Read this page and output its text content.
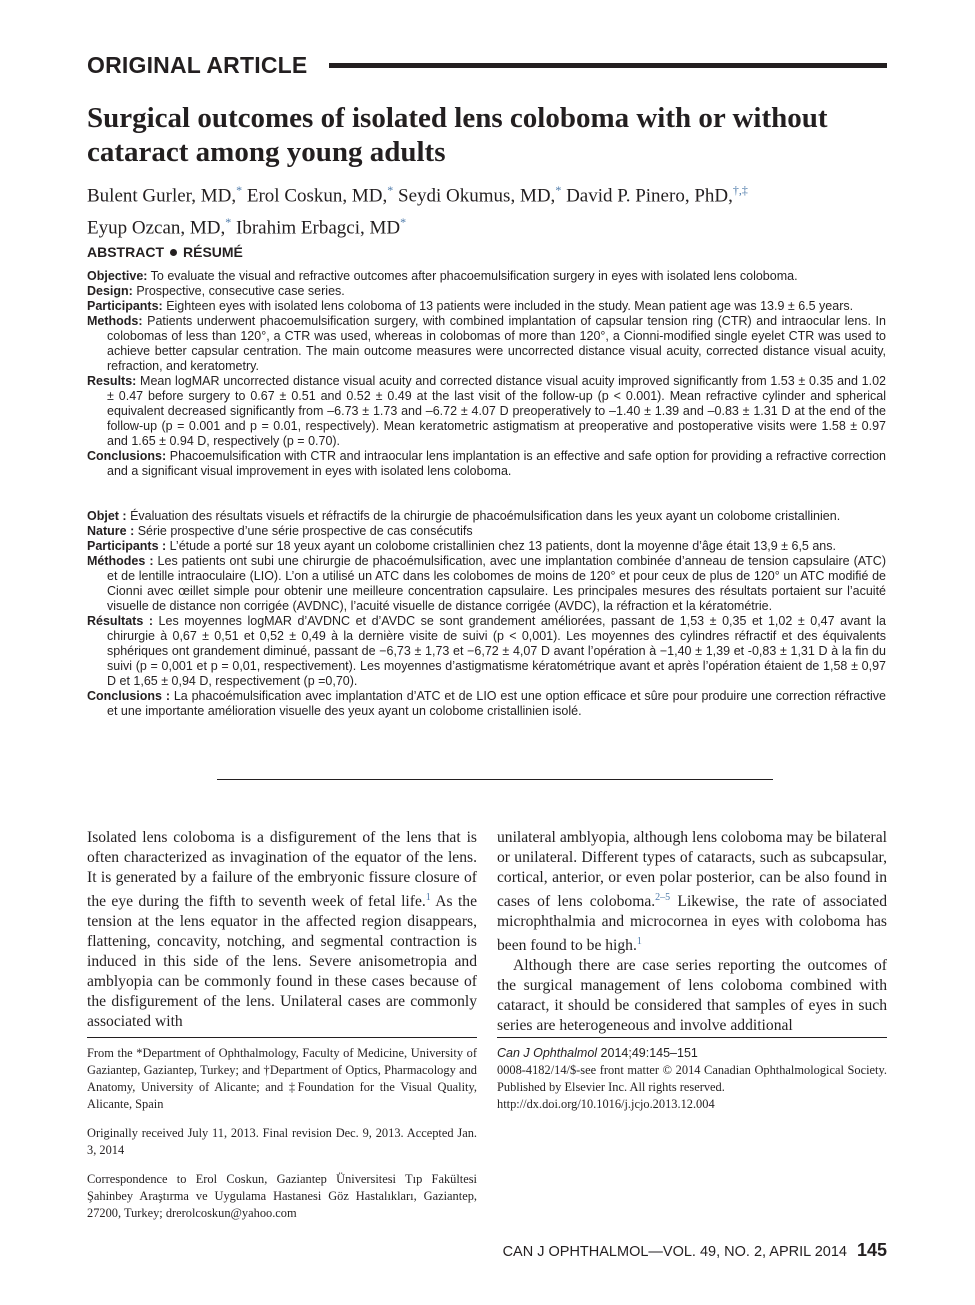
ORIGINAL ARTICLE
Surgical outcomes of isolated lens coloboma with or without cataract among young adults

Bulent Gurler, MD,* Erol Coskun, MD,* Seydi Okumus, MD,* David P. Pinero, PhD,†,‡
Eyup Ozcan, MD,* Ibrahim Erbagci, MD*

ABSTRACT RÉSUMÉ

Objective: To evaluate the visual and refractive outcomes after phacoemulsification surgery in eyes with isolated lens coloboma.

Design: Prospective, consecutive case series.

Participants: Eighteen eyes with isolated lens coloboma of 13 patients were included in the study. Mean patient age was 13.9 ± 6.5 years.

Methods: Patients underwent phacoemulsification surgery, with combined implantation of capsular tension ring (CTR) and intraocular lens. In colobomas of less than 120°, a CTR was used, whereas in colobomas of more than 120°, a Cionni-modified single eyelet CTR was used to achieve better capsular centration. The main outcome measures were uncorrected distance visual acuity, corrected distance visual acuity, refraction, and keratometry.

Results: Mean logMAR uncorrected distance visual acuity and corrected distance visual acuity improved significantly from 1.53 ± 0.35 and 1.02 ± 0.47 before surgery to 0.67 ± 0.51 and 0.52 ± 0.49 at the last visit of the follow-up (p < 0.001). Mean refractive cylinder and spherical equivalent decreased significantly from –6.73 ± 1.73 and –6.72 ± 4.07 D preoperatively to –1.40 ± 1.39 and –0.83 ± 1.31 D at the end of the follow-up (p = 0.001 and p = 0.01, respectively). Mean keratometric astigmatism at preoperative and postoperative visits were 1.58 ± 0.97 and 1.65 ± 0.94 D, respectively (p = 0.70).

Conclusions: Phacoemulsification with CTR and intraocular lens implantation is an effective and safe option for providing a refractive correction and a significant visual improvement in eyes with isolated lens coloboma.

Objet : Évaluation des résultats visuels et réfractifs de la chirurgie de phacoémulsification dans les yeux ayant un colobome cristallinien.

Nature : Série prospective d’une série prospective de cas consécutifs

Participants : L’étude a porté sur 18 yeux ayant un colobome cristallinien chez 13 patients, dont la moyenne d’âge était 13,9 ± 6,5 ans.

Méthodes : Les patients ont subi une chirurgie de phacoémulsification, avec une implantation combinée d’anneau de tension capsulaire (ATC) et de lentille intraoculaire (LIO). L’on a utilisé un ATC dans les colobomes de moins de 120° et pour ceux de plus de 120° un ATC modifié de Cionni avec œillet simple pour obtenir une meilleure concentration capsulaire. Les principales mesures des résultats portaient sur l’acuité visuelle de distance non corrigée (AVDNC), l’acuité visuelle de distance corrigée (AVDC), la réfraction et la kératométrie.

Résultats : Les moyennes logMAR d’AVDNC et d’AVDC se sont grandement améliorées, passant de 1,53 ± 0,35 et 1,02 ± 0,47 avant la chirurgie à 0,67 ± 0,51 et 0,52 ± 0,49 à la dernière visite de suivi (p < 0,001). Les moyennes des cylindres réfractif et des équivalents sphériques ont grandement diminué, passant de −6,73 ± 1,73 et −6,72 ± 4,07 D avant l’opération à −1,40 ± 1,39 et -0,83 ± 1,31 D à la fin du suivi (p = 0,001 et p = 0,01, respectivement). Les moyennes d’astigmatisme kératométrique avant et après l’opération étaient de 1,58 ± 0,97 D et 1,65 ± 0,94 D, respectivement (p =0,70).

Conclusions : La phacoémulsification avec implantation d’ATC et de LIO est une option efficace et sûre pour produire une correction réfractive et une importante amélioration visuelle des yeux ayant un colobome cristallinien isolé.

Isolated lens coloboma is a disfigurement of the lens that is often characterized as invagination of the equator of the lens. It is generated by a failure of the embryonic fissure closure of the eye during the fifth to seventh week of fetal life.$^1$ As the tension at the lens equator in the affected region disappears, flattening, concavity, notching, and segmental contraction is induced in this side of the lens. Severe anisometropia and amblyopia can be commonly found in these cases because of the disfigurement of the lens. Unilateral cases are commonly associated with

unilateral amblyopia, although lens coloboma may be bilateral or unilateral. Different types of cataracts, such as subcapsular, cortical, anterior, or even polar posterior, can be also found in cases of lens coloboma.$^{2-5}$ Likewise, the rate of associated microphthalmia and microcornea in eyes with coloboma has been found to be high.$^1$

Although there are case series reporting the outcomes of the surgical management of lens coloboma combined with cataract, it should be considered that samples of eyes in such series are heterogeneous and involve additional

From the *Department of Ophthalmology, Faculty of Medicine, University of Gaziantep, Gaziantep, Turkey; and †Department of Optics, Pharmacology and Anatomy, University of Alicante; and ‡Foundation for the Visual Quality, Alicante, Spain

Originally received July 11, 2013. Final revision Dec. 9, 2013. Accepted Jan. 3, 2014

Correspondence to Erol Coskun, Gaziantep Üniversitesi Tıp Fakültesi Şahinbey Araştırma ve Uygulama Hastanesi Göz Hastalıkları, Gaziantep, 27200, Turkey; drerolcoskun@yahoo.com

Can J Ophthalmol 2014;49:145–151

0008-4182/14/$-see front matter © 2014 Canadian Ophthalmological Society. Published by Elsevier Inc. All rights reserved.

http://dx.doi.org/10.1016/j.jcjo.2013.12.004

CAN J OPHTHALMOL—VOL. 49, NO. 2, APRIL 2014 145
